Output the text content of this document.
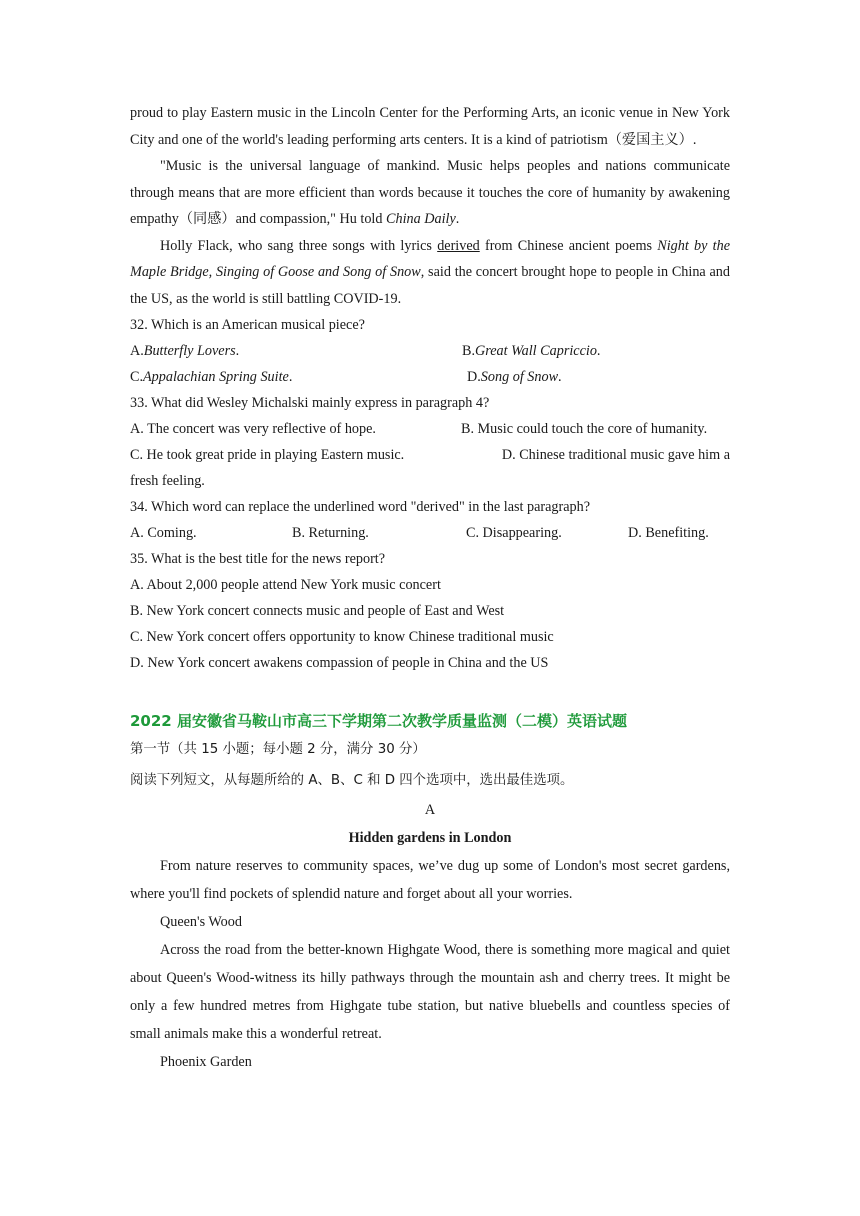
proud to play Eastern music in the Lincoln Center for the Performing Arts, an iconic venue in New York City and one of the world's leading performing arts centers. It is a kind of patriotism（爱国主义）.

"Music is the universal language of mankind. Music helps peoples and nations communicate through means that are more efficient than words because it touches the core of humanity by awakening empathy（同感）and compassion," Hu told China Daily.

Holly Flack, who sang three songs with lyrics derived from Chinese ancient poems Night by the Maple Bridge, Singing of Goose and Song of Snow, said the concert brought hope to people in China and the US, as the world is still battling COVID-19.

32. Which is an American musical piece?

A.Butterfly Lovers.	B.Great Wall Capriccio.
C.Appalachian Spring Suite.	D.Song of Snow.

33. What did Wesley Michalski mainly express in paragraph 4?

A. The concert was very reflective of hope.	B. Music could touch the core of humanity.
C. He took great pride in playing Eastern music.	D. Chinese traditional music gave him a

fresh feeling.

34. Which word can replace the underlined word "derived" in the last paragraph?

A. Coming.	B. Returning.	C. Disappearing.	D. Benefiting.

35. What is the best title for the news report?

A. About 2,000 people attend New York music concert

B. New York concert connects music and people of East and West

C. New York concert offers opportunity to know Chinese traditional music

D. New York concert awakens compassion of people in China and the US

2022 届安徽省马鞍山市高三下学期第二次教学质量监测（二模）英语试题

第一节（共 15 小题；每小题 2 分，满分 30 分）

阅读下列短文，从每题所给的 A、B、C 和 D 四个选项中，选出最佳选项。

A

Hidden gardens in London

From nature reserves to community spaces, we’ve dug up some of London's most secret gardens, where you'll find pockets of splendid nature and forget about all your worries.

Queen's Wood

Across the road from the better-known Highgate Wood, there is something more magical and quiet about Queen's Wood-witness its hilly pathways through the mountain ash and cherry trees. It might be only a few hundred metres from Highgate tube station, but native bluebells and countless species of small animals make this a wonderful retreat.

Phoenix Garden
